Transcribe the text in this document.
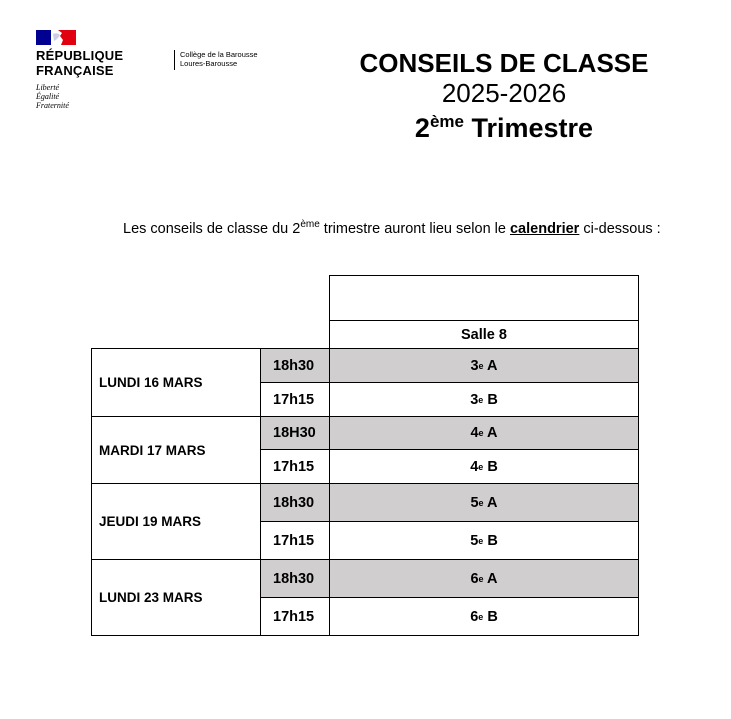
RÉPUBLIQUE
FRANÇAISE
Liberté
Égalité
Fraternité
Collège de la Barousse
Loures-Barousse	CONSEILS DE CLASSE
2025-2026
2ème Trimestre
Les conseils de classe du 2ème trimestre auront lieu selon le calendrier ci-dessous :
Salle 8
LUNDI 16 MARS
18h30	3 e A
17h15	3 e B
MARDI 17 MARS
18H30	4 e A
17h15	4 e B
JEUDI 19 MARS
18h30	5 e A
17h15	5 e B
LUNDI 23 MARS
18h30	6 e A
17h15	6 e B
